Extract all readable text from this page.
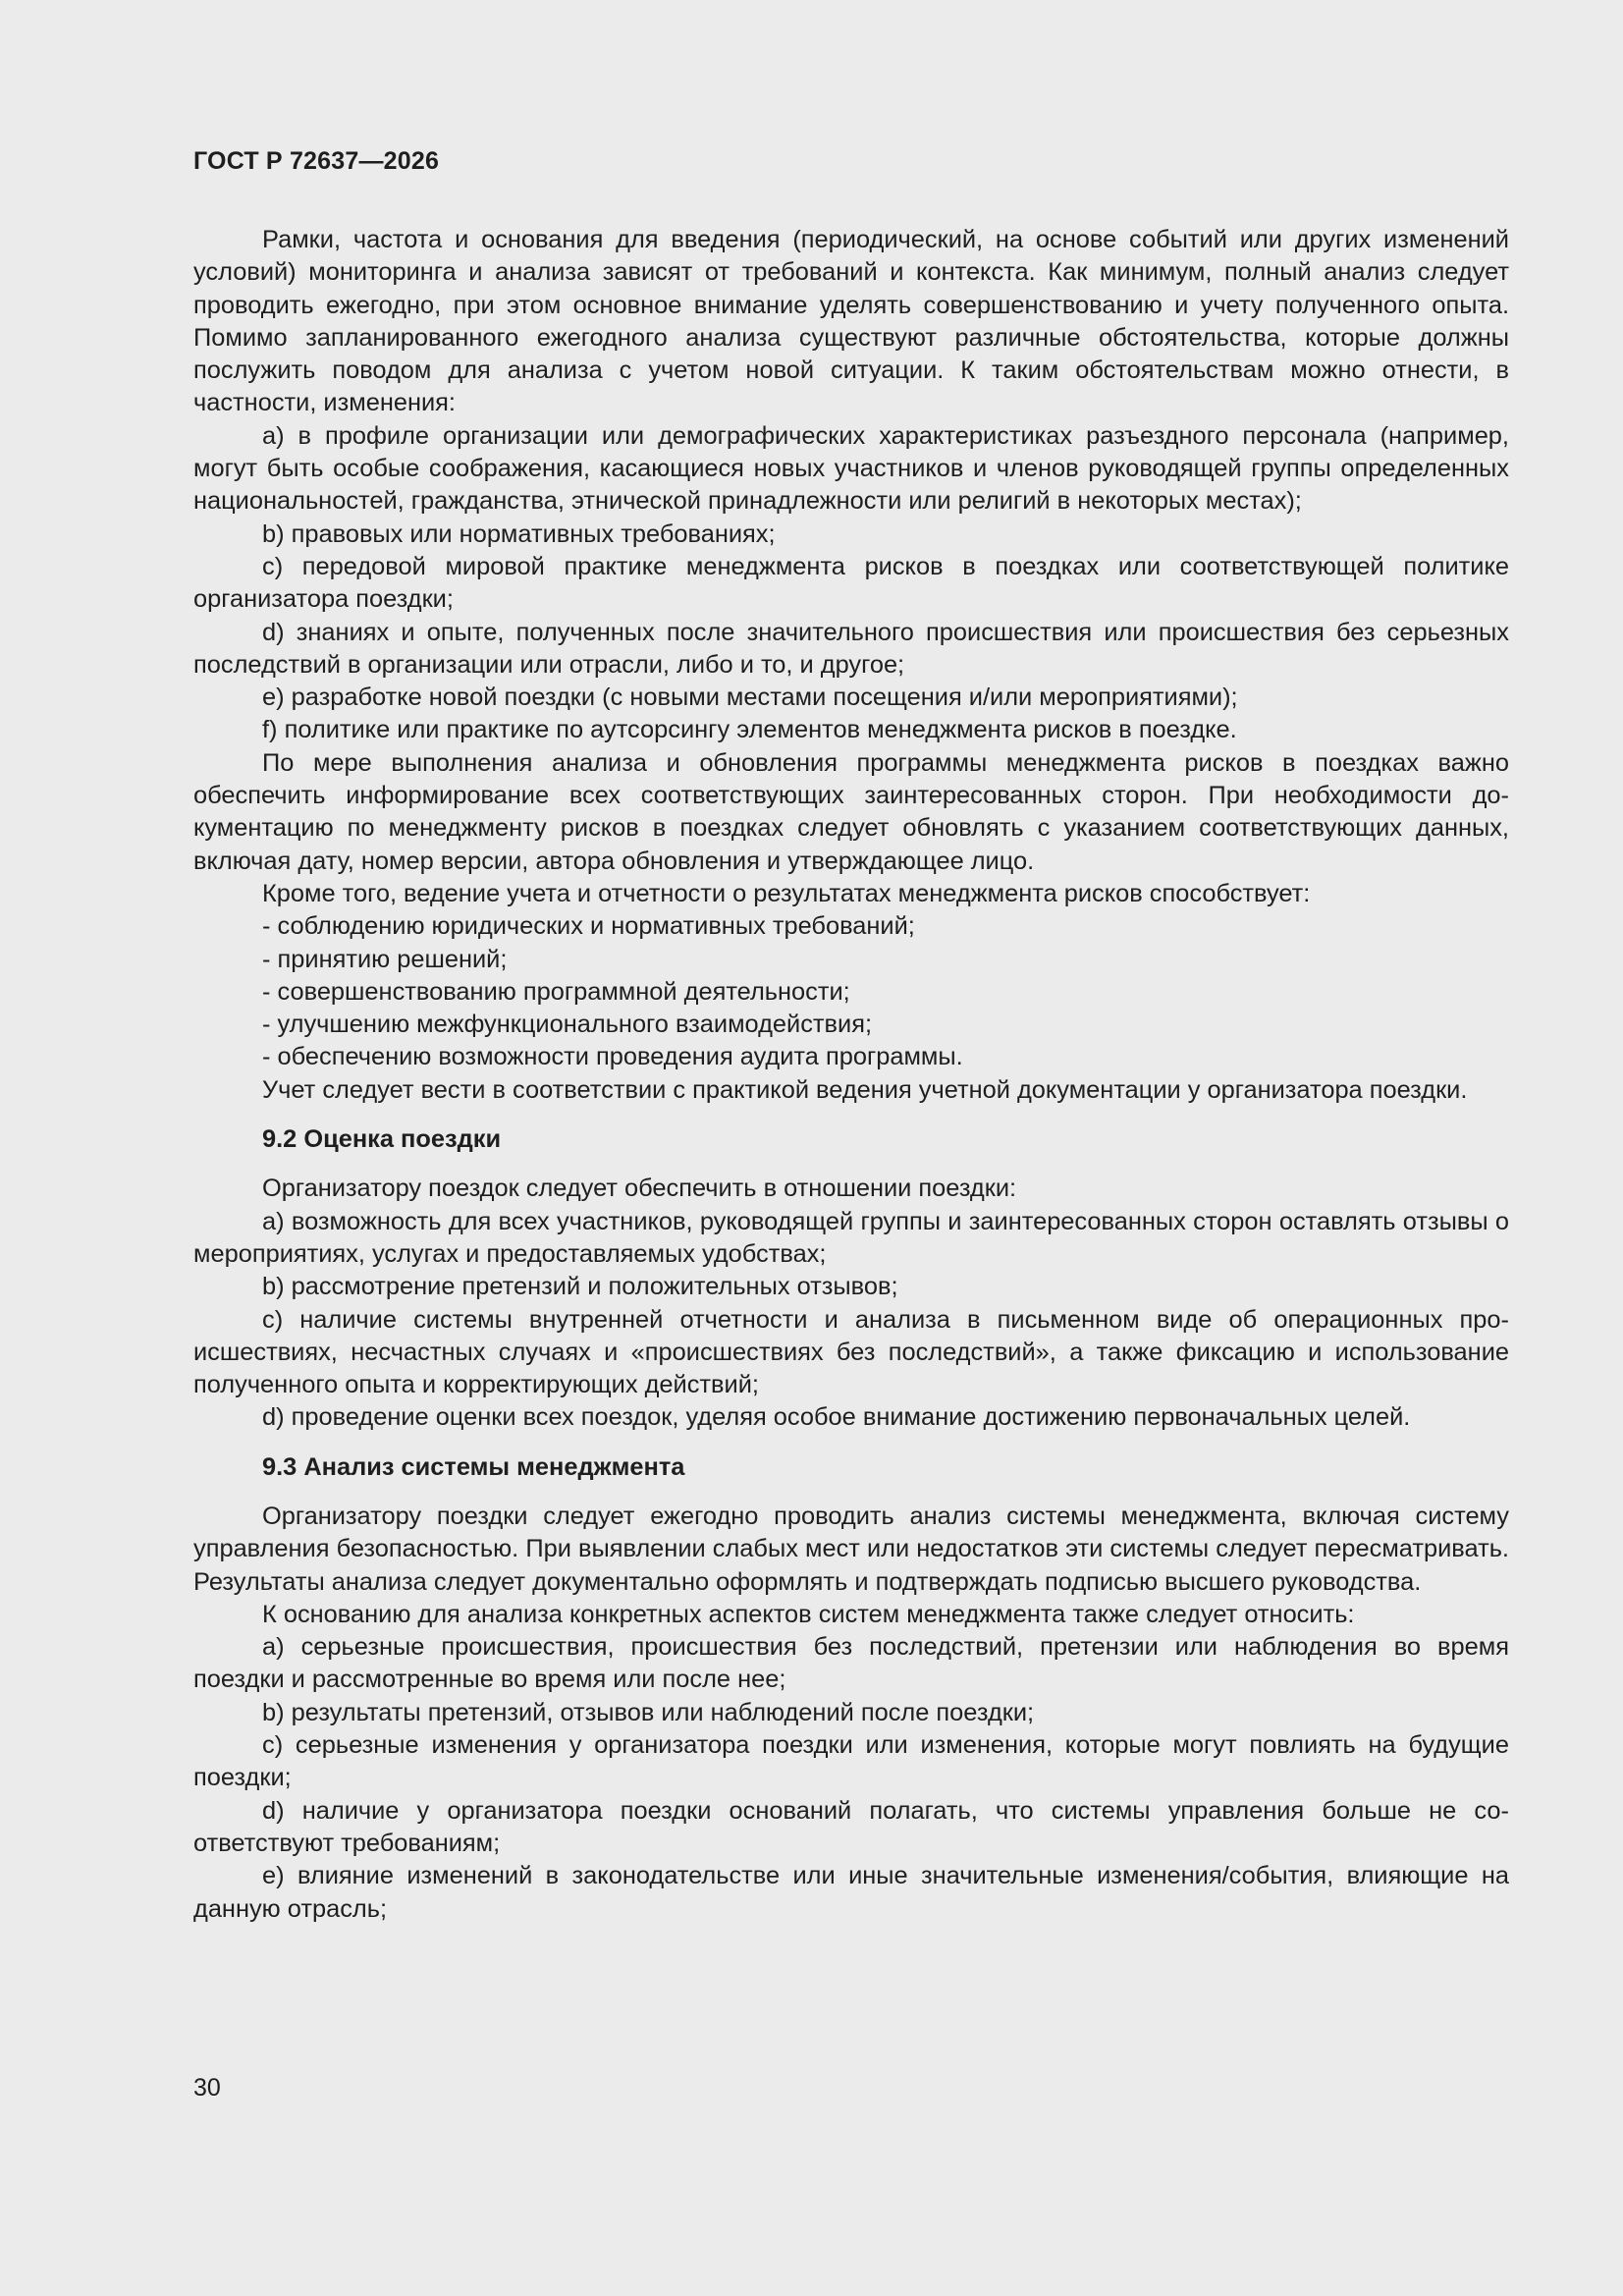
ГОСТ Р 72637—2026

Рамки, частота и основания для введения (периодический, на основе событий или других изменений условий) мониторинга и анализа зависят от требований и контекста. Как минимум, полный анализ следует проводить ежегодно, при этом основное внимание уделять совершенствованию и учету полученного опыта. Помимо запланированного ежегодного анализа существуют различные обстоятельства, которые должны послужить поводом для анализа с учетом новой ситуации. К таким обстоятельствам можно отнести, в частности, изменения:

а) в профиле организации или демографических характеристиках разъездного персонала (например, могут быть особые соображения, касающиеся новых участников и членов руководящей группы определенных национальностей, гражданства, этнической принадлежности или религий в некоторых местах);

b) правовых или нормативных требованиях;

с) передовой мировой практике менеджмента рисков в поездках или соответствующей политике организатора поездки;

d) знаниях и опыте, полученных после значительного происшествия или происшествия без серьезных последствий в организации или отрасли, либо и то, и другое;

e) разработке новой поездки (с новыми местами посещения и/или мероприятиями);

f) политике или практике по аутсорсингу элементов менеджмента рисков в поездке.

По мере выполнения анализа и обновления программы менеджмента рисков в поездках важно обеспечить информирование всех соответствующих заинтересованных сторон. При необходимости документацию по менеджменту рисков в поездках следует обновлять с указанием соответствующих данных, включая дату, номер версии, автора обновления и утверждающее лицо.

Кроме того, ведение учета и отчетности о результатах менеджмента рисков способствует:

- соблюдению юридических и нормативных требований;

- принятию решений;

- совершенствованию программной деятельности;

- улучшению межфункционального взаимодействия;

- обеспечению возможности проведения аудита программы.

Учет следует вести в соответствии с практикой ведения учетной документации у организатора поездки.

9.2 Оценка поездки

Организатору поездок следует обеспечить в отношении поездки:

а) возможность для всех участников, руководящей группы и заинтересованных сторон оставлять отзывы о мероприятиях, услугах и предоставляемых удобствах;

b) рассмотрение претензий и положительных отзывов;

с) наличие системы внутренней отчетности и анализа в письменном виде об операционных происшествиях, несчастных случаях и «происшествиях без последствий», а также фиксацию и использование полученного опыта и корректирующих действий;

d) проведение оценки всех поездок, уделяя особое внимание достижению первоначальных целей.

9.3 Анализ системы менеджмента

Организатору поездки следует ежегодно проводить анализ системы менеджмента, включая систему управления безопасностью. При выявлении слабых мест или недостатков эти системы следует пересматривать. Результаты анализа следует документально оформлять и подтверждать подписью высшего руководства.

К основанию для анализа конкретных аспектов систем менеджмента также следует относить:

а) серьезные происшествия, происшествия без последствий, претензии или наблюдения во время поездки и рассмотренные во время или после нее;

b) результаты претензий, отзывов или наблюдений после поездки;

с) серьезные изменения у организатора поездки или изменения, которые могут повлиять на будущие поездки;

d) наличие у организатора поездки оснований полагать, что системы управления больше не соответствуют требованиям;

е) влияние изменений в законодательстве или иные значительные изменения/события, влияющие на данную отрасль;

30
